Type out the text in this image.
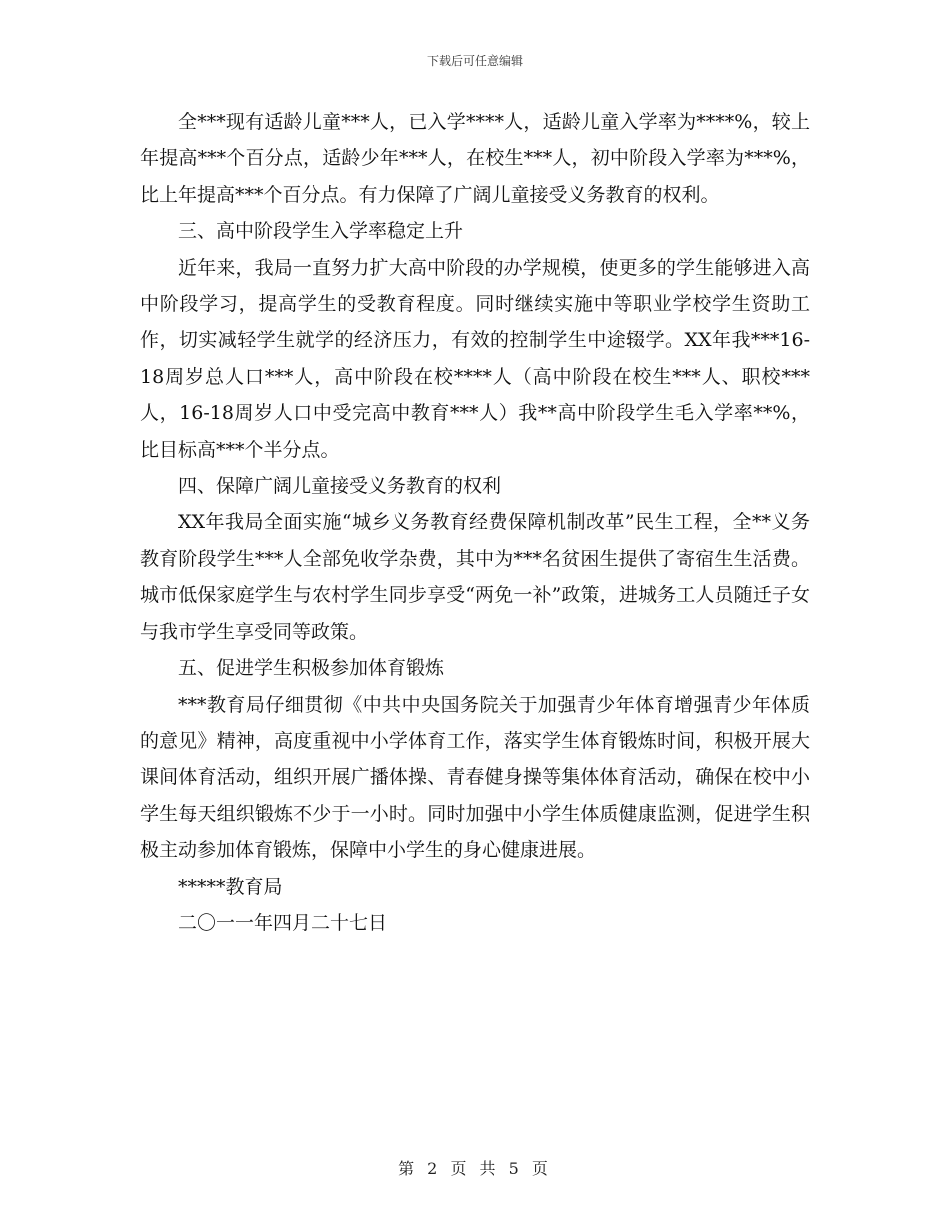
下载后可任意编辑

全***现有适龄儿童***人，已入学****人，适龄儿童入学率为****%，较上年提高***个百分点，适龄少年***人，在校生***人，初中阶段入学率为***%，比上年提高***个百分点。有力保障了广阔儿童接受义务教育的权利。

三、高中阶段学生入学率稳定上升

近年来，我局一直努力扩大高中阶段的办学规模，使更多的学生能够进入高中阶段学习，提高学生的受教育程度。同时继续实施中等职业学校学生资助工作，切实减轻学生就学的经济压力，有效的控制学生中途辍学。XX年我***16-18周岁总人口***人，高中阶段在校****人（高中阶段在校生***人、职校***人，16-18周岁人口中受完高中教育***人）我**高中阶段学生毛入学率**%，比目标高***个半分点。

四、保障广阔儿童接受义务教育的权利

XX年我局全面实施“城乡义务教育经费保障机制改革”民生工程，全**义务教育阶段学生***人全部免收学杂费，其中为***名贫困生提供了寄宿生生活费。城市低保家庭学生与农村学生同步享受“两免一补”政策，进城务工人员随迁子女与我市学生享受同等政策。

五、促进学生积极参加体育锻炼

***教育局仔细贯彻《中共中央国务院关于加强青少年体育增强青少年体质的意见》精神，高度重视中小学体育工作，落实学生体育锻炼时间，积极开展大课间体育活动，组织开展广播体操、青春健身操等集体体育活动，确保在校中小学生每天组织锻炼不少于一小时。同时加强中小学生体质健康监测，促进学生积极主动参加体育锻炼，保障中小学生的身心健康进展。

*****教育局

二〇一一年四月二十七日

第 2 页 共 5 页
